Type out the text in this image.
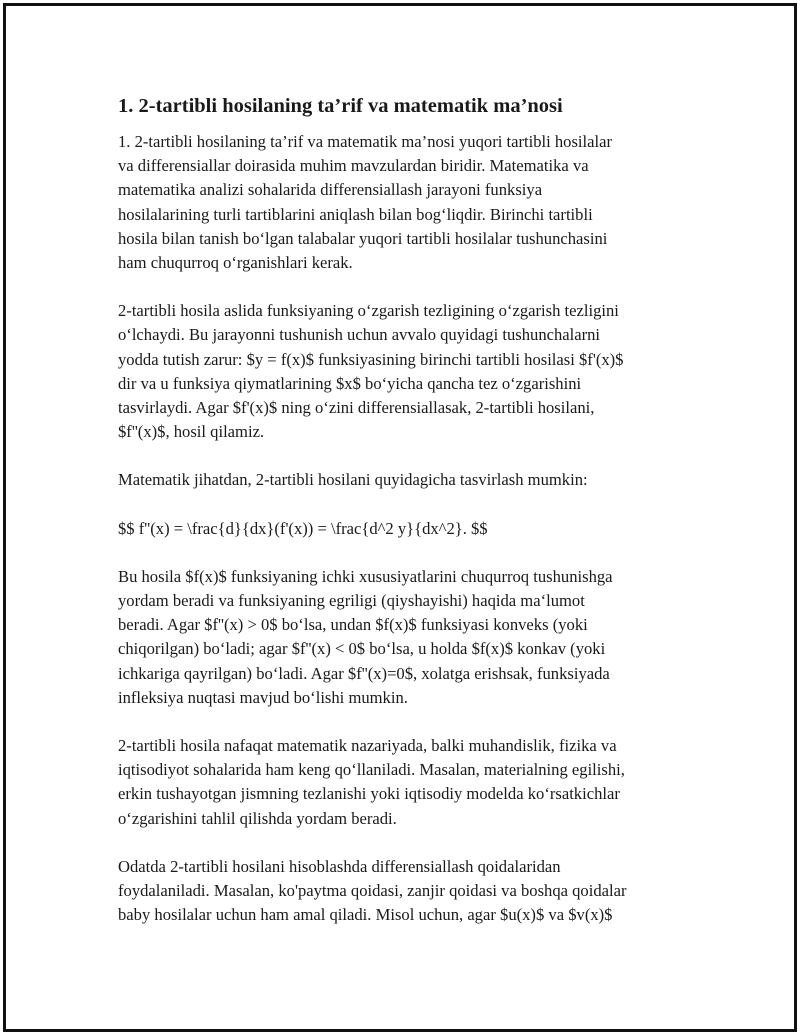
1. 2-tartibli hosilaning ta’rif va matematik ma’nosi

1. 2-tartibli hosilaning ta’rif va matematik ma’nosi yuqori tartibli hosilalar
va differensiallar doirasida muhim mavzulardan biridir. Matematika va
matematika analizi sohalarida differensiallash jarayoni funksiya
hosilalarining turli tartiblarini aniqlash bilan bog‘liqdir. Birinchi tartibli
hosila bilan tanish bo‘lgan talabalar yuqori tartibli hosilalar tushunchasini
ham chuqurroq o‘rganishlari kerak.

2-tartibli hosila aslida funksiyaning o‘zgarish tezligining o‘zgarish tezligini
o‘lchaydi. Bu jarayonni tushunish uchun avvalo quyidagi tushunchalarni
yodda tutish zarur: $y = f(x)$ funksiyasining birinchi tartibli hosilasi $f'(x)$
dir va u funksiya qiymatlarining $x$ bo‘yicha qancha tez o‘zgarishini
tasvirlaydi. Agar $f'(x)$ ning o‘zini differensiallasak, 2-tartibli hosilani,
$f''(x)$, hosil qilamiz.

Matematik jihatdan, 2-tartibli hosilani quyidagicha tasvirlash mumkin:

$$ f''(x) = \frac{d}{dx}(f'(x)) = \frac{d^2 y}{dx^2}. $$

Bu hosila $f(x)$ funksiyaning ichki xususiyatlarini chuqurroq tushunishga
yordam beradi va funksiyaning egriligi (qiyshayishi) haqida ma‘lumot
beradi. Agar $f''(x) > 0$ bo‘lsa, undan $f(x)$ funksiyasi konveks (yoki
chiqorilgan) bo‘ladi; agar $f''(x) < 0$ bo‘lsa, u holda $f(x)$ konkav (yoki
ichkariga qayrilgan) bo‘ladi. Agar $f''(x)=0$, xolatga erishsak, funksiyada
infleksiya nuqtasi mavjud bo‘lishi mumkin.

2-tartibli hosila nafaqat matematik nazariyada, balki muhandislik, fizika va
iqtisodiyot sohalarida ham keng qo‘llaniladi. Masalan, materialning egilishi,
erkin tushayotgan jismning tezlanishi yoki iqtisodiy modelda ko‘rsatkichlar
o‘zgarishini tahlil qilishda yordam beradi.

Odatda 2-tartibli hosilani hisoblashda differensiallash qoidalaridan
foydalaniladi. Masalan, ko'paytma qoidasi, zanjir qoidasi va boshqa qoidalar
baby hosilalar uchun ham amal qiladi. Misol uchun, agar $u(x)$ va $v(x)$
